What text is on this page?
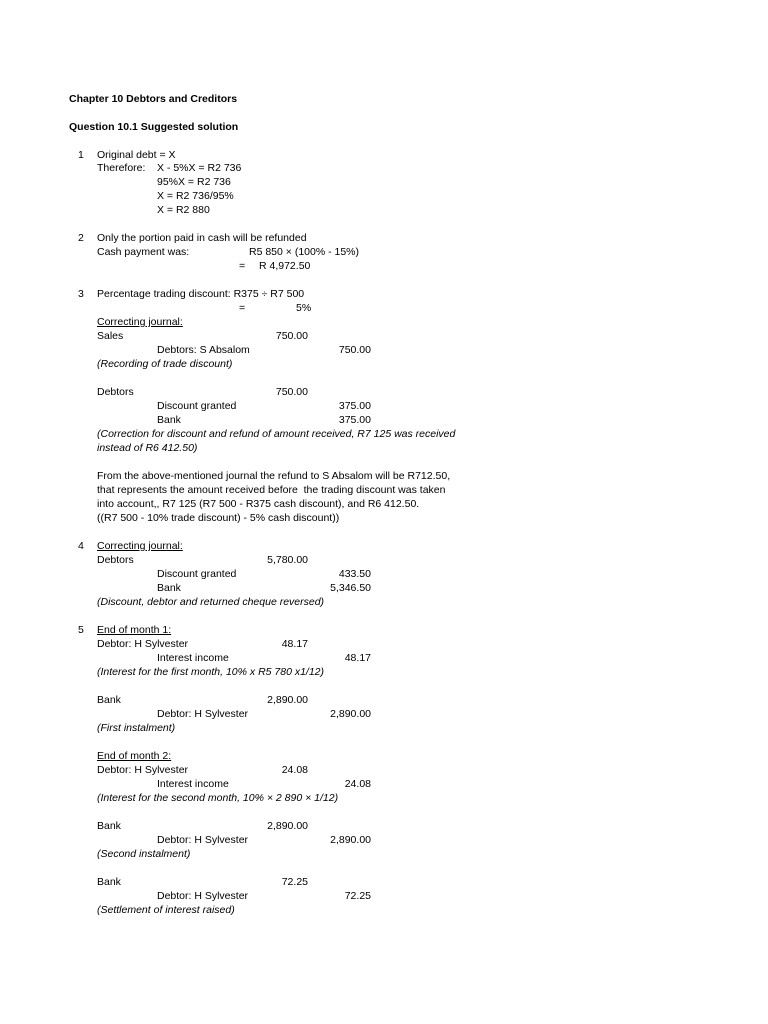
Chapter 10 Debtors and Creditors
Question 10.1 Suggested solution
1 Original debt = X
Therefore: X - 5%X = R2 736
95%X = R2 736
X = R2 736/95%
X = R2 880
2 Only the portion paid in cash will be refunded
Cash payment was:	R5 850 × (100% - 15%)
= R 4,972.50
3 Percentage trading discount: R375 ÷ R7 500
=	5%
Correcting journal:
Sales	750.00
Debtors: S Absalom	750.00
(Recording of trade discount)
Debtors	750.00
Discount granted	375.00
Bank	375.00
(Correction for discount and refund of amount received, R7 125 was received
instead of R6 412.50)
From the above-mentioned journal the refund to S Absalom will be R712.50,
that represents the amount received before  the trading discount was taken
into account,, R7 125 (R7 500 - R375 cash discount), and R6 412.50.
((R7 500 - 10% trade discount) - 5% cash discount))
4 Correcting journal:
Debtors	5,780.00
Discount granted	433.50
Bank	5,346.50
(Discount, debtor and returned cheque reversed)
5 End of month 1:
Debtor: H Sylvester	48.17
Interest income	48.17
(Interest for the first month, 10% x R5 780 x1/12)
Bank	2,890.00
Debtor: H Sylvester	2,890.00
(First instalment)
End of month 2:
Debtor: H Sylvester	24.08
Interest income	24.08
(Interest for the second month, 10% × 2 890 × 1/12)
Bank	2,890.00
Debtor: H Sylvester	2,890.00
(Second instalment)
Bank	72.25
Debtor: H Sylvester	72.25
(Settlement of interest raised)
